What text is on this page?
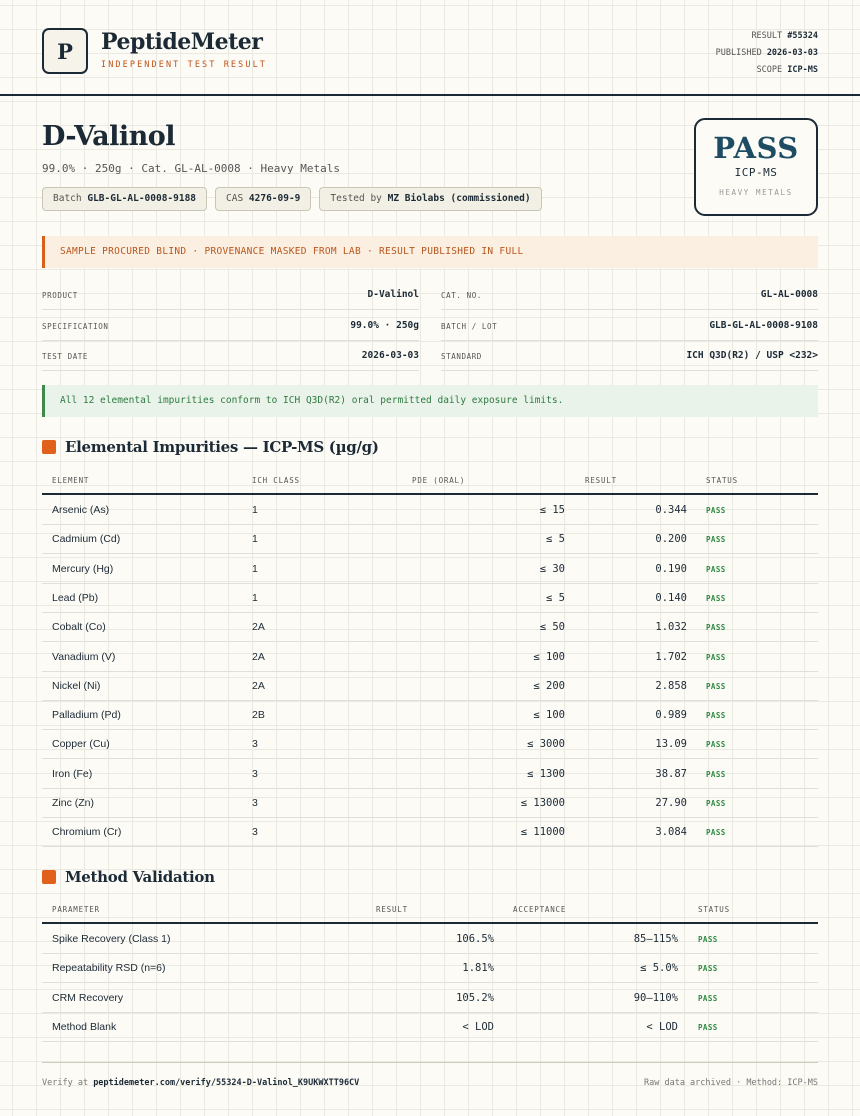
P	PeptideMeter
INDEPENDENT TEST RESULT
RESULT #55324
PUBLISHED 2026-03-03
SCOPE ICP-MS
D-Valinol
99.0% · 250g · Cat. GL-AL-0008 · Heavy Metals
Batch GLB-GL-AL-0008-9188	CAS 4276-09-9	Tested by MZ Biolabs (commissioned)
PASS
ICP-MS
HEAVY METALS
SAMPLE PROCURED BLIND · PROVENANCE MASKED FROM LAB · RESULT PUBLISHED IN FULL
PRODUCT	D-Valinol	CAT. NO.	GL-AL-0008
SPECIFICATION	99.0% · 250g	BATCH / LOT	GLB-GL-AL-0008-9108
TEST DATE	2026-03-03	STANDARD	ICH Q3D(R2) / USP <232>
All 12 elemental impurities conform to ICH Q3D(R2) oral permitted daily exposure limits.
Elemental Impurities — ICP-MS (µg/g)
ELEMENT	ICH CLASS	PDE (ORAL)	RESULT	STATUS
Arsenic (As)	1	≤ 15	0.344	PASS
Cadmium (Cd)	1	≤ 5	0.200	PASS
Mercury (Hg)	1	≤ 30	0.190	PASS
Lead (Pb)	1	≤ 5	0.140	PASS
Cobalt (Co)	2A	≤ 50	1.032	PASS
Vanadium (V)	2A	≤ 100	1.702	PASS
Nickel (Ni)	2A	≤ 200	2.858	PASS
Palladium (Pd)	2B	≤ 100	0.989	PASS
Copper (Cu)	3	≤ 3000	13.09	PASS
Iron (Fe)	3	≤ 1300	38.87	PASS
Zinc (Zn)	3	≤ 13000	27.90	PASS
Chromium (Cr)	3	≤ 11000	3.084	PASS
Method Validation
PARAMETER	RESULT	ACCEPTANCE	STATUS
Spike Recovery (Class 1)	106.5%	85–115%	PASS
Repeatability RSD (n=6)	1.81%	≤ 5.0%	PASS
CRM Recovery	105.2%	90–110%	PASS
Method Blank	< LOD	< LOD	PASS
Verify at peptidemeter.com/verify/55324-D-Valinol_K9UKWXTT96CV	Raw data archived · Method: ICP-MS
